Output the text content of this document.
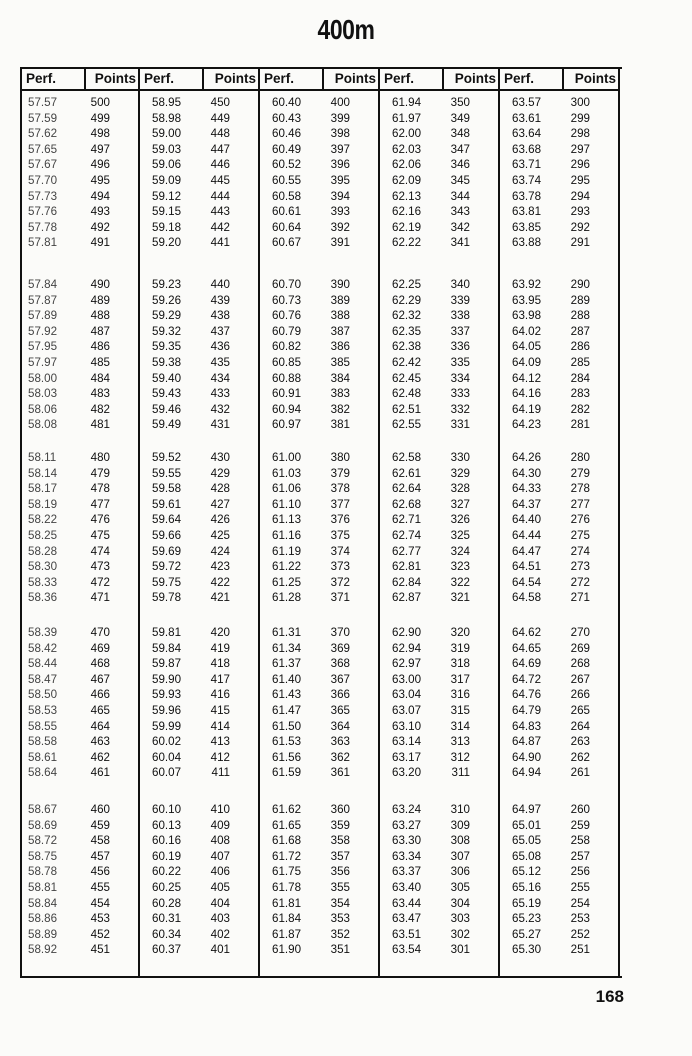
400m
Perf.	Points
57.57	500
57.59	499
57.62	498
57.65	497
57.67	496
57.70	495
57.73	494
57.76	493
57.78	492
57.81	491
57.84	490
57.87	489
57.89	488
57.92	487
57.95	486
57.97	485
58.00	484
58.03	483
58.06	482
58.08	481
58.11	480
58.14	479
58.17	478
58.19	477
58.22	476
58.25	475
58.28	474
58.30	473
58.33	472
58.36	471
58.39	470
58.42	469
58.44	468
58.47	467
58.50	466
58.53	465
58.55	464
58.58	463
58.61	462
58.64	461
58.67	460
58.69	459
58.72	458
58.75	457
58.78	456
58.81	455
58.84	454
58.86	453
58.89	452
58.92	451
Perf.	Points
58.95	450
58.98	449
59.00	448
59.03	447
59.06	446
59.09	445
59.12	444
59.15	443
59.18	442
59.20	441
59.23	440
59.26	439
59.29	438
59.32	437
59.35	436
59.38	435
59.40	434
59.43	433
59.46	432
59.49	431
59.52	430
59.55	429
59.58	428
59.61	427
59.64	426
59.66	425
59.69	424
59.72	423
59.75	422
59.78	421
59.81	420
59.84	419
59.87	418
59.90	417
59.93	416
59.96	415
59.99	414
60.02	413
60.04	412
60.07	411
60.10	410
60.13	409
60.16	408
60.19	407
60.22	406
60.25	405
60.28	404
60.31	403
60.34	402
60.37	401
Perf.	Points
60.40	400
60.43	399
60.46	398
60.49	397
60.52	396
60.55	395
60.58	394
60.61	393
60.64	392
60.67	391
60.70	390
60.73	389
60.76	388
60.79	387
60.82	386
60.85	385
60.88	384
60.91	383
60.94	382
60.97	381
61.00	380
61.03	379
61.06	378
61.10	377
61.13	376
61.16	375
61.19	374
61.22	373
61.25	372
61.28	371
61.31	370
61.34	369
61.37	368
61.40	367
61.43	366
61.47	365
61.50	364
61.53	363
61.56	362
61.59	361
61.62	360
61.65	359
61.68	358
61.72	357
61.75	356
61.78	355
61.81	354
61.84	353
61.87	352
61.90	351
Perf.	Points
61.94	350
61.97	349
62.00	348
62.03	347
62.06	346
62.09	345
62.13	344
62.16	343
62.19	342
62.22	341
62.25	340
62.29	339
62.32	338
62.35	337
62.38	336
62.42	335
62.45	334
62.48	333
62.51	332
62.55	331
62.58	330
62.61	329
62.64	328
62.68	327
62.71	326
62.74	325
62.77	324
62.81	323
62.84	322
62.87	321
62.90	320
62.94	319
62.97	318
63.00	317
63.04	316
63.07	315
63.10	314
63.14	313
63.17	312
63.20	311
63.24	310
63.27	309
63.30	308
63.34	307
63.37	306
63.40	305
63.44	304
63.47	303
63.51	302
63.54	301
Perf.	Points
63.57	300
63.61	299
63.64	298
63.68	297
63.71	296
63.74	295
63.78	294
63.81	293
63.85	292
63.88	291
63.92	290
63.95	289
63.98	288
64.02	287
64.05	286
64.09	285
64.12	284
64.16	283
64.19	282
64.23	281
64.26	280
64.30	279
64.33	278
64.37	277
64.40	276
64.44	275
64.47	274
64.51	273
64.54	272
64.58	271
64.62	270
64.65	269
64.69	268
64.72	267
64.76	266
64.79	265
64.83	264
64.87	263
64.90	262
64.94	261
64.97	260
65.01	259
65.05	258
65.08	257
65.12	256
65.16	255
65.19	254
65.23	253
65.27	252
65.30	251
168
